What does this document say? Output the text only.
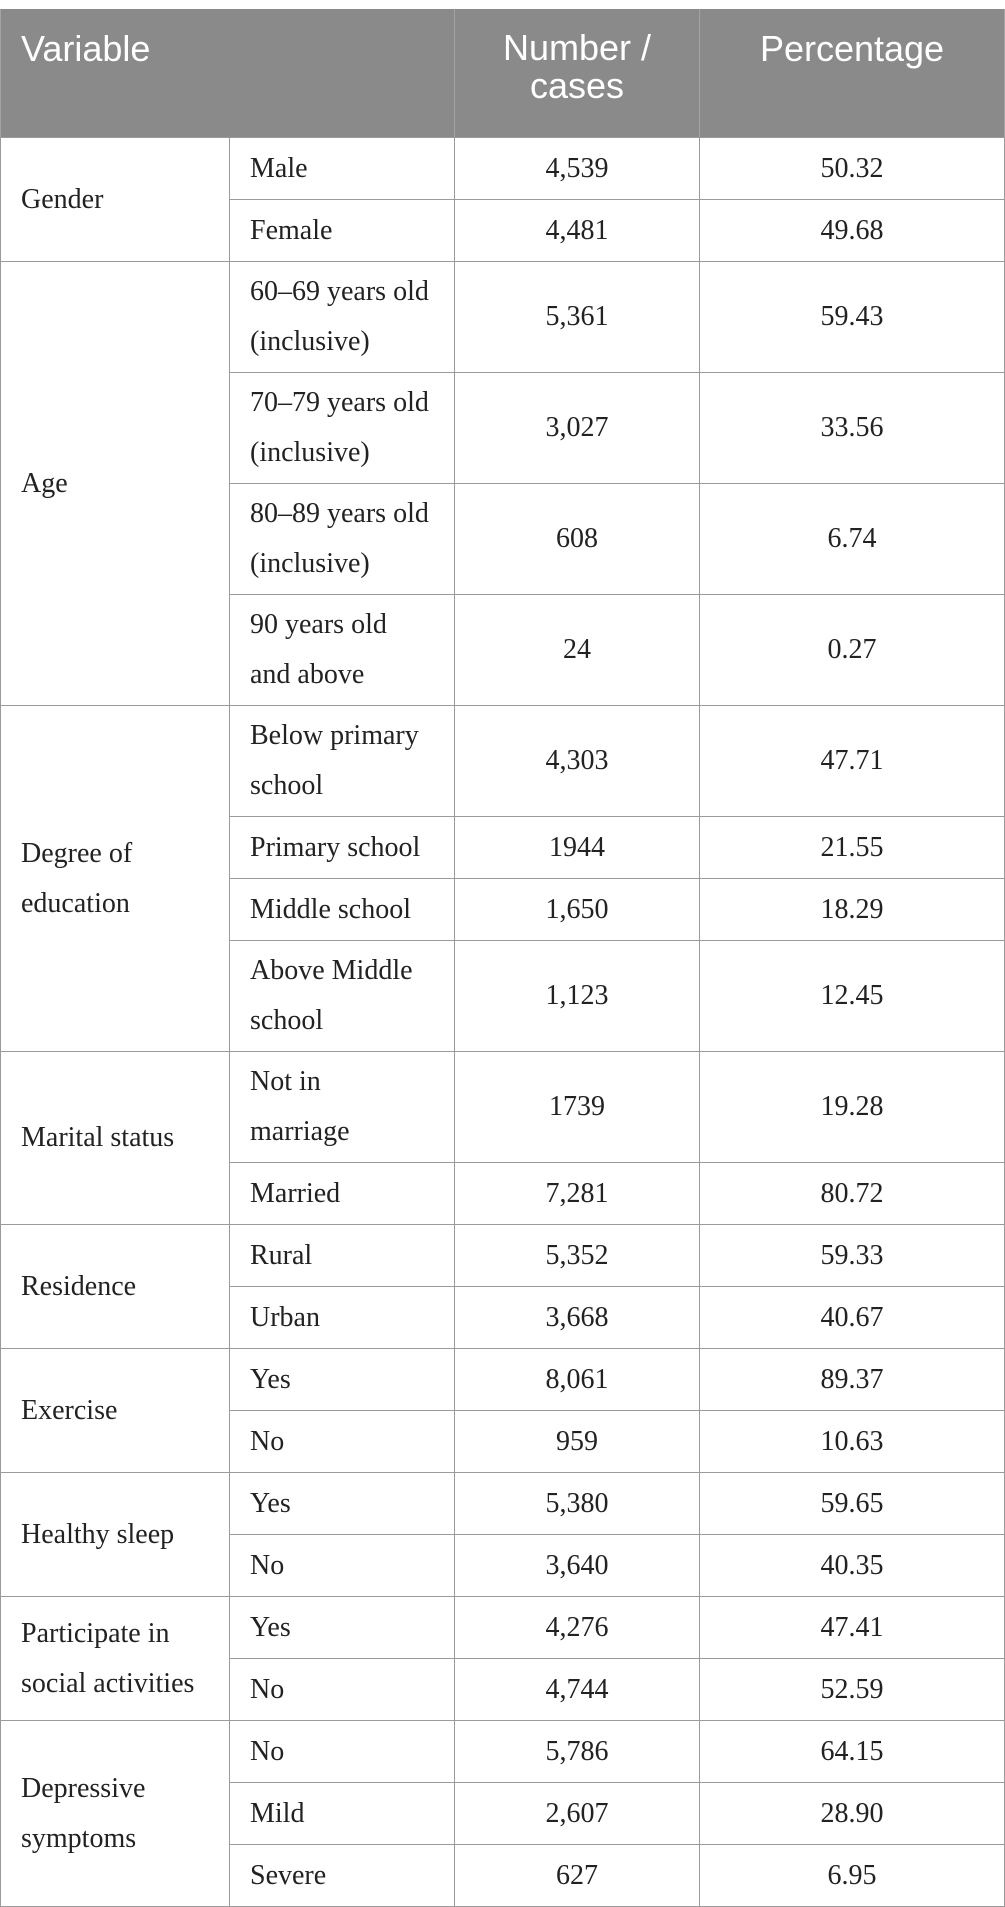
Variable		Number /
cases	Percentage

Gender	Male	4,539	50.32

	Female	4,481	49.68

Age	60–69 years old
(inclusive)	5,361	59.43

	70–79 years old
(inclusive)	3,027	33.56

	80–89 years old
(inclusive)	608	6.74

	90 years old
and above	24	0.27

Degree of
education	Below primary
school	4,303	47.71

	Primary school	1944	21.55

	Middle school	1,650	18.29

	Above Middle
school	1,123	12.45

Marital status	Not in
marriage	1739	19.28

	Married	7,281	80.72

Residence	Rural	5,352	59.33

	Urban	3,668	40.67

Exercise	Yes	8,061	89.37

	No	959	10.63

Healthy sleep	Yes	5,380	59.65

	No	3,640	40.35

Participate in
social activities	Yes	4,276	47.41

	No	4,744	52.59

Depressive
symptoms	No	5,786	64.15

	Mild	2,607	28.90

	Severe	627	6.95
